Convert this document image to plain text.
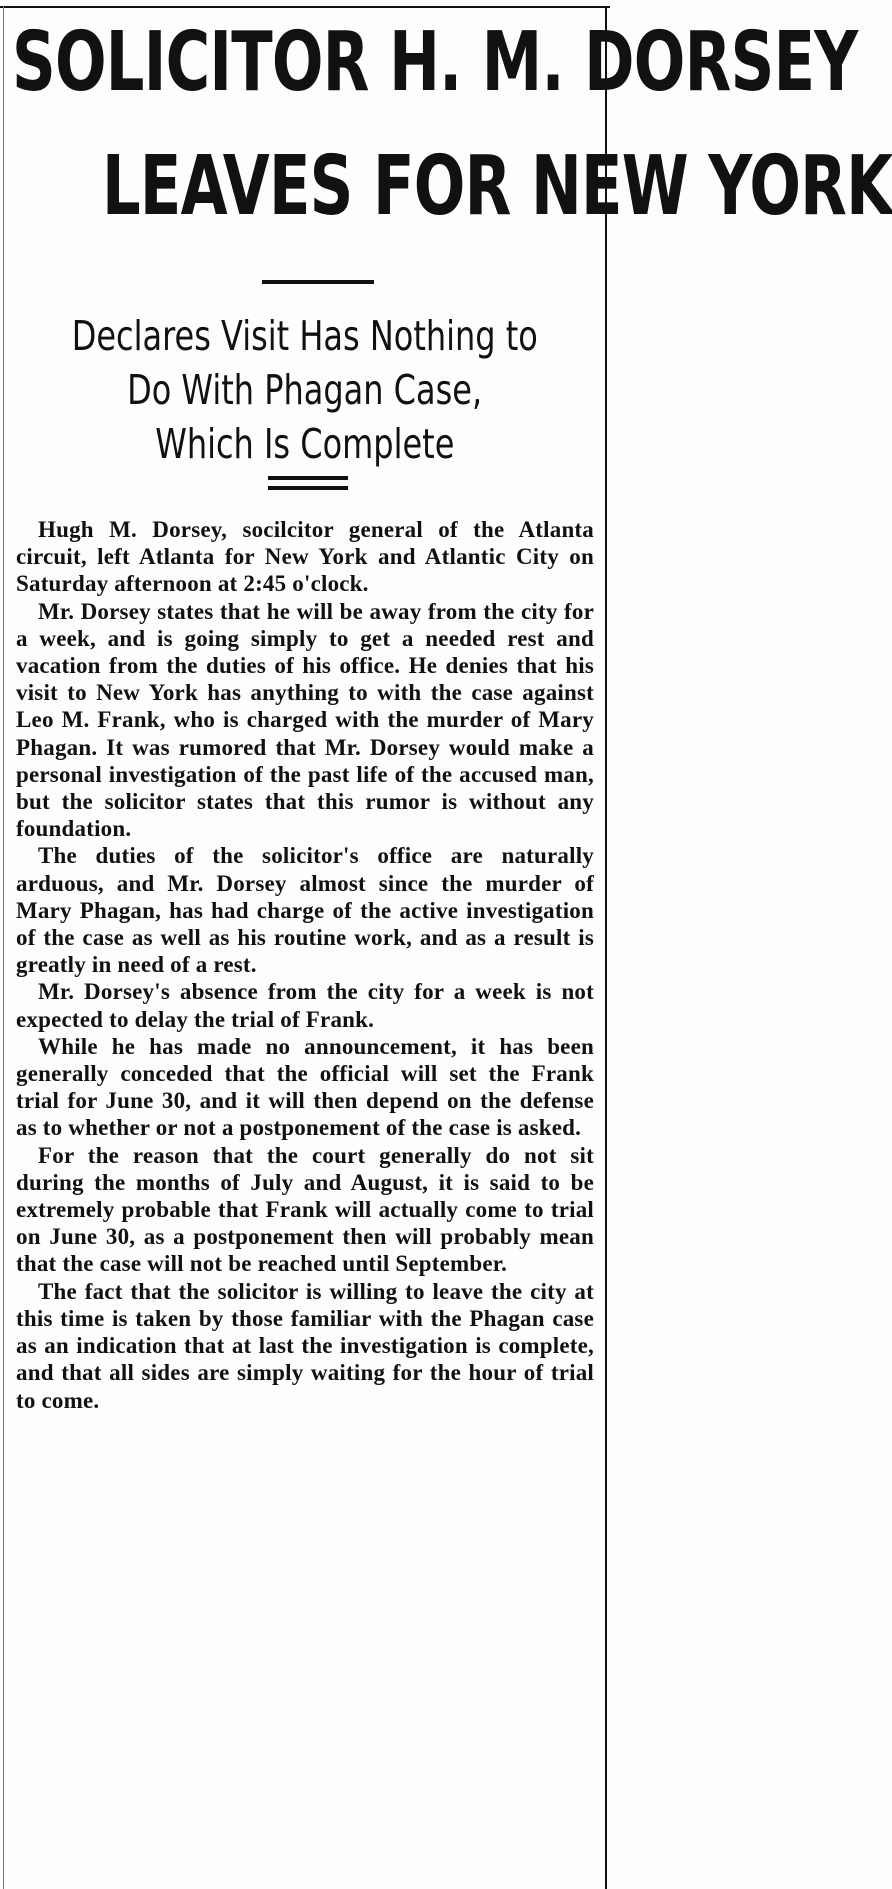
SOLICITOR H. M. DORSEY
LEAVES FOR NEW YORK
Declares Visit Has Nothing to
Do With Phagan Case,
Which Is Complete

Hugh M. Dorsey, socilcitor general of the Atlanta circuit, left Atlanta for New York and Atlantic City on Saturday afternoon at 2:45 o'clock.

Mr. Dorsey states that he will be away from the city for a week, and is going simply to get a needed rest and vacation from the duties of his office. He denies that his visit to New York has anything to with the case against Leo M. Frank, who is charged with the murder of Mary Phagan. It was rumored that Mr. Dorsey would make a personal investigation of the past life of the accused man, but the solicitor states that this rumor is without any foundation.

The duties of the solicitor's office are naturally arduous, and Mr. Dorsey almost since the murder of Mary Phagan, has had charge of the active investigation of the case as well as his routine work, and as a result is greatly in need of a rest.

Mr. Dorsey's absence from the city for a week is not expected to delay the trial of Frank.

While he has made no announcement, it has been generally conceded that the official will set the Frank trial for June 30, and it will then depend on the defense as to whether or not a postponement of the case is asked.

For the reason that the court generally do not sit during the months of July and August, it is said to be extremely probable that Frank will actually come to trial on June 30, as a postponement then will probably mean that the case will not be reached until September.

The fact that the solicitor is willing to leave the city at this time is taken by those familiar with the Phagan case as an indication that at last the investigation is complete, and that all sides are simply waiting for the hour of trial to come.
